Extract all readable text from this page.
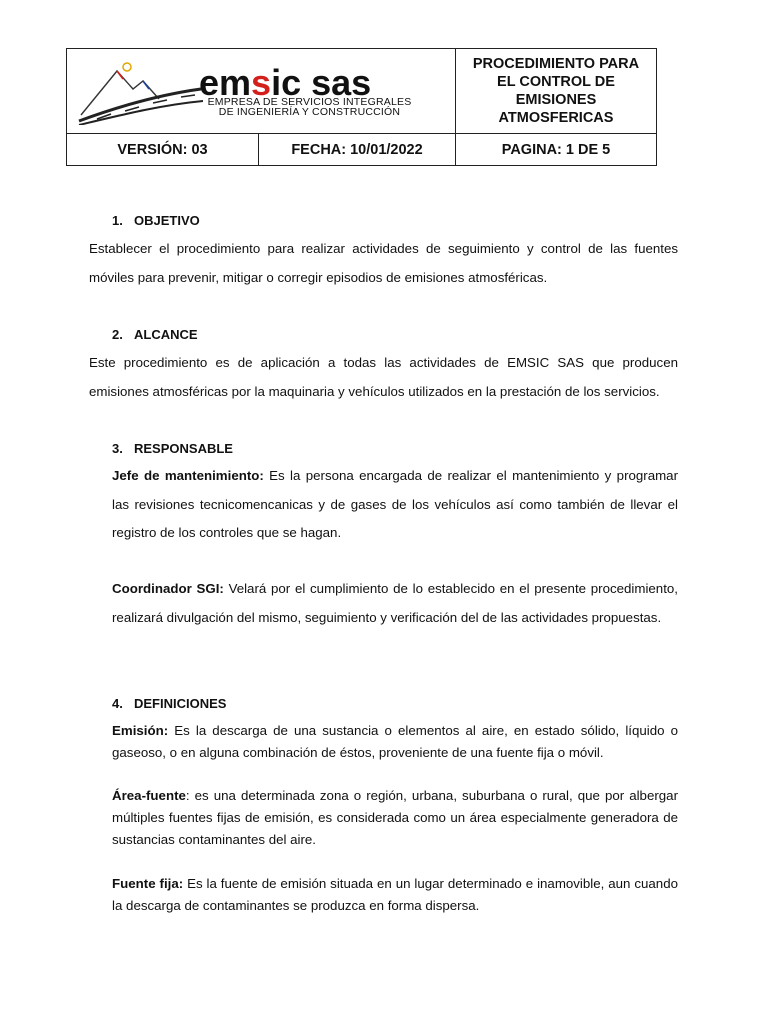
emsic sas
EMPRESA DE SERVICIOS INTEGRALES
DE INGENIERÍA Y CONSTRUCCIÓN
PROCEDIMIENTO PARA
EL CONTROL DE
EMISIONES
ATMOSFERICAS
VERSIÓN: 03	FECHA: 10/01/2022	PAGINA: 1 DE 5
1. OBJETIVO
Establecer el procedimiento para realizar actividades de seguimiento y control de las fuentes móviles para prevenir, mitigar o corregir episodios de emisiones atmosféricas.
2. ALCANCE
Este procedimiento es de aplicación a todas las actividades de EMSIC SAS que producen emisiones atmosféricas por la maquinaria y vehículos utilizados en la prestación de los servicios.
3. RESPONSABLE
Jefe de mantenimiento: Es la persona encargada de realizar el mantenimiento y programar las revisiones tecnicomencanicas y de gases de los vehículos así como también de llevar el registro de los controles que se hagan.
Coordinador SGI: Velará por el cumplimiento de lo establecido en el presente procedimiento, realizará divulgación del mismo, seguimiento y verificación del de las actividades propuestas.
4. DEFINICIONES
Emisión: Es la descarga de una sustancia o elementos al aire, en estado sólido, líquido o gaseoso, o en alguna combinación de éstos, proveniente de una fuente fija o móvil.
Área-fuente: es una determinada zona o región, urbana, suburbana o rural, que por albergar múltiples fuentes fijas de emisión, es considerada como un área especialmente generadora de sustancias contaminantes del aire.
Fuente fija: Es la fuente de emisión situada en un lugar determinado e inamovible, aun cuando la descarga de contaminantes se produzca en forma dispersa.
